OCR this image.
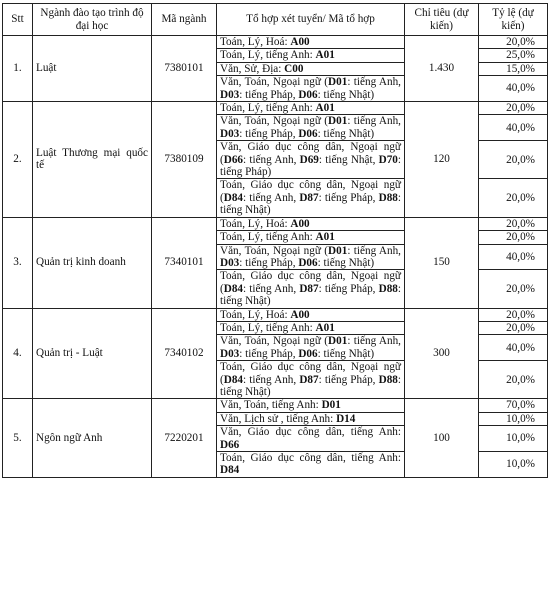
Stt	Ngành đào tạo trình độ đại học	Mã ngành	Tổ hợp xét tuyển/ Mã tổ hợp	Chỉ tiêu (dự kiến)	Tỷ lệ (dự kiến)
1.	Luật	7380101	Toán, Lý, Hoá: A00	1.430	20,0%
			Toán, Lý, tiếng Anh: A01		25,0%
			Văn, Sử, Địa: C00		15,0%
			Văn, Toán, Ngoại ngữ (D01: tiếng Anh, D03: tiếng Pháp, D06: tiếng Nhật)		40,0%
2.	Luật Thương mại quốc tế	7380109	Toán, Lý, tiếng Anh: A01	120	20,0%
			Văn, Toán, Ngoại ngữ (D01: tiếng Anh, D03: tiếng Pháp, D06: tiếng Nhật)		40,0%
			Văn, Giáo dục công dân, Ngoại ngữ (D66: tiếng Anh, D69: tiếng Nhật, D70: tiếng Pháp)		20,0%
			Toán, Giáo dục công dân, Ngoại ngữ (D84: tiếng Anh, D87: tiếng Pháp, D88: tiếng Nhật)		20,0%
3.	Quản trị kinh doanh	7340101	Toán, Lý, Hoá: A00	150	20,0%
			Toán, Lý, tiếng Anh: A01		20,0%
			Văn, Toán, Ngoại ngữ (D01: tiếng Anh, D03: tiếng Pháp, D06: tiếng Nhật)		40,0%
			Toán, Giáo dục công dân, Ngoại ngữ (D84: tiếng Anh, D87: tiếng Pháp, D88: tiếng Nhật)		20,0%
4.	Quản trị - Luật	7340102	Toán, Lý, Hoá: A00	300	20,0%
			Toán, Lý, tiếng Anh: A01		20,0%
			Văn, Toán, Ngoại ngữ (D01: tiếng Anh, D03: tiếng Pháp, D06: tiếng Nhật)		40,0%
			Toán, Giáo dục công dân, Ngoại ngữ (D84: tiếng Anh, D87: tiếng Pháp, D88: tiếng Nhật)		20,0%
5.	Ngôn ngữ Anh	7220201	Văn, Toán, tiếng Anh: D01	100	70,0%
			Văn, Lịch sử , tiếng Anh: D14		10,0%
			Văn, Giáo dục công dân, tiếng Anh: D66		10,0%
			Toán, Giáo dục công dân, tiếng Anh: D84		10,0%
